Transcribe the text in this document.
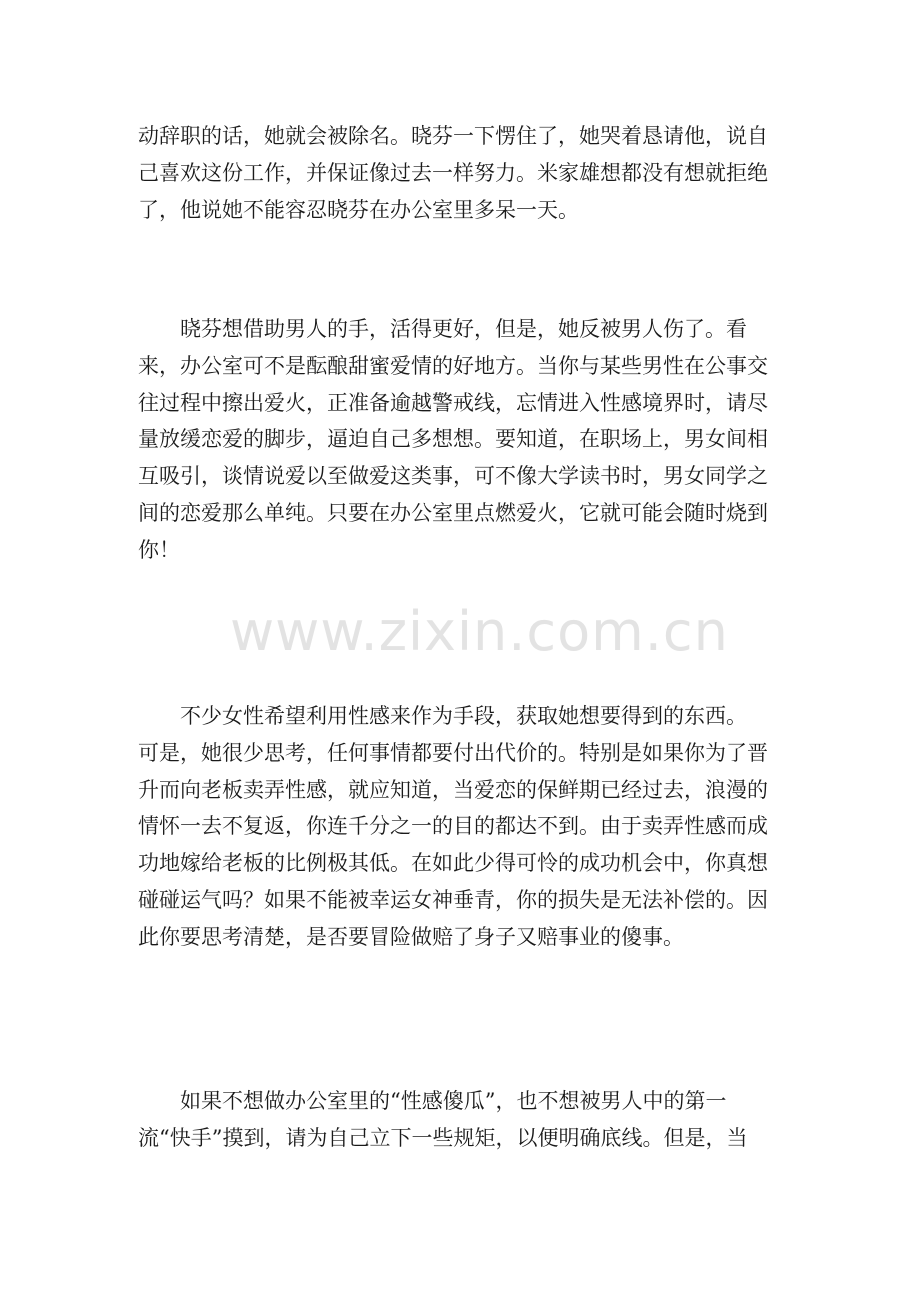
动辞职的话，她就会被除名。晓芬一下愣住了，她哭着恳请他，说自
己喜欢这份工作，并保证像过去一样努力。米家雄想都没有想就拒绝
了，他说她不能容忍晓芬在办公室里多呆一天。
　　晓芬想借助男人的手，活得更好，但是，她反被男人伤了。看
来，办公室可不是酝酿甜蜜爱情的好地方。当你与某些男性在公事交
往过程中擦出爱火，正准备逾越警戒线，忘情进入性感境界时，请尽
量放缓恋爱的脚步，逼迫自己多想想。要知道，在职场上，男女间相
互吸引，谈情说爱以至做爱这类事，可不像大学读书时，男女同学之
间的恋爱那么单纯。只要在办公室里点燃爱火，它就可能会随时烧到
你！
　　不少女性希望利用性感来作为手段，获取她想要得到的东西。
可是，她很少思考，任何事情都要付出代价的。特别是如果你为了晋
升而向老板卖弄性感，就应知道，当爱恋的保鲜期已经过去，浪漫的
情怀一去不复返，你连千分之一的目的都达不到。由于卖弄性感而成
功地嫁给老板的比例极其低。在如此少得可怜的成功机会中，你真想
碰碰运气吗？如果不能被幸运女神垂青，你的损失是无法补偿的。因
此你要思考清楚，是否要冒险做赔了身子又赔事业的傻事。
　　如果不想做办公室里的“性感傻瓜”，也不想被男人中的第一
流“快手”摸到，请为自己立下一些规矩，以便明确底线。但是，当
www.zixin.com.cn
